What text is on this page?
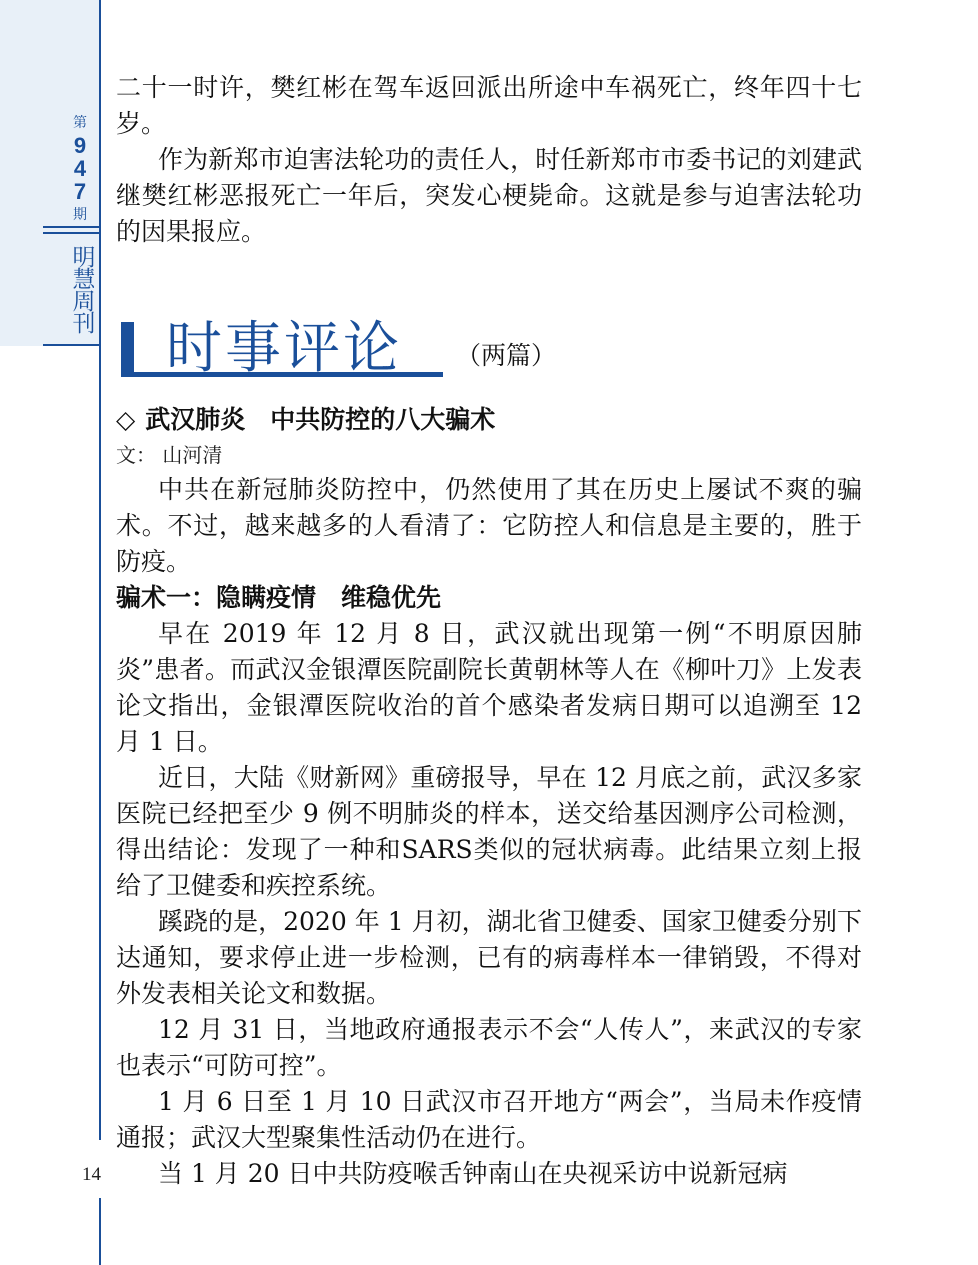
第
9
4
7
期
明
慧
周
刊
14

二十一时许，樊红彬在驾车返回派出所途中车祸死亡，终年四十七岁。

作为新郑市迫害法轮功的责任人，时任新郑市市委书记的刘建武继樊红彬恶报死亡一年后，突发心梗毙命。这就是参与迫害法轮功的因果报应。

时事评论 （两篇）

◇ 武汉肺炎　中共防控的八大骗术

文： 山河清

中共在新冠肺炎防控中，仍然使用了其在历史上屡试不爽的骗术。不过，越来越多的人看清了：它防控人和信息是主要的，胜于防疫。

骗术一：隐瞒疫情　维稳优先

早在 2019 年 12 月 8 日，武汉就出现第一例“不明原因肺炎”患者。而武汉金银潭医院副院长黄朝林等人在《柳叶刀》上发表论文指出，金银潭医院收治的首个感染者发病日期可以追溯至 12 月 1 日。

近日，大陆《财新网》重磅报导，早在 12 月底之前，武汉多家医院已经把至少 9 例不明肺炎的样本，送交给基因测序公司检测，得出结论：发现了一种和SARS类似的冠状病毒。此结果立刻上报给了卫健委和疾控系统。

蹊跷的是，2020 年 1 月初，湖北省卫健委、国家卫健委分别下达通知，要求停止进一步检测，已有的病毒样本一律销毁，不得对外发表相关论文和数据。

12 月 31 日，当地政府通报表示不会“人传人”，来武汉的专家也表示“可防可控”。

1 月 6 日至 1 月 10 日武汉市召开地方“两会”，当局未作疫情通报；武汉大型聚集性活动仍在进行。

当 1 月 20 日中共防疫喉舌钟南山在央视采访中说新冠病
